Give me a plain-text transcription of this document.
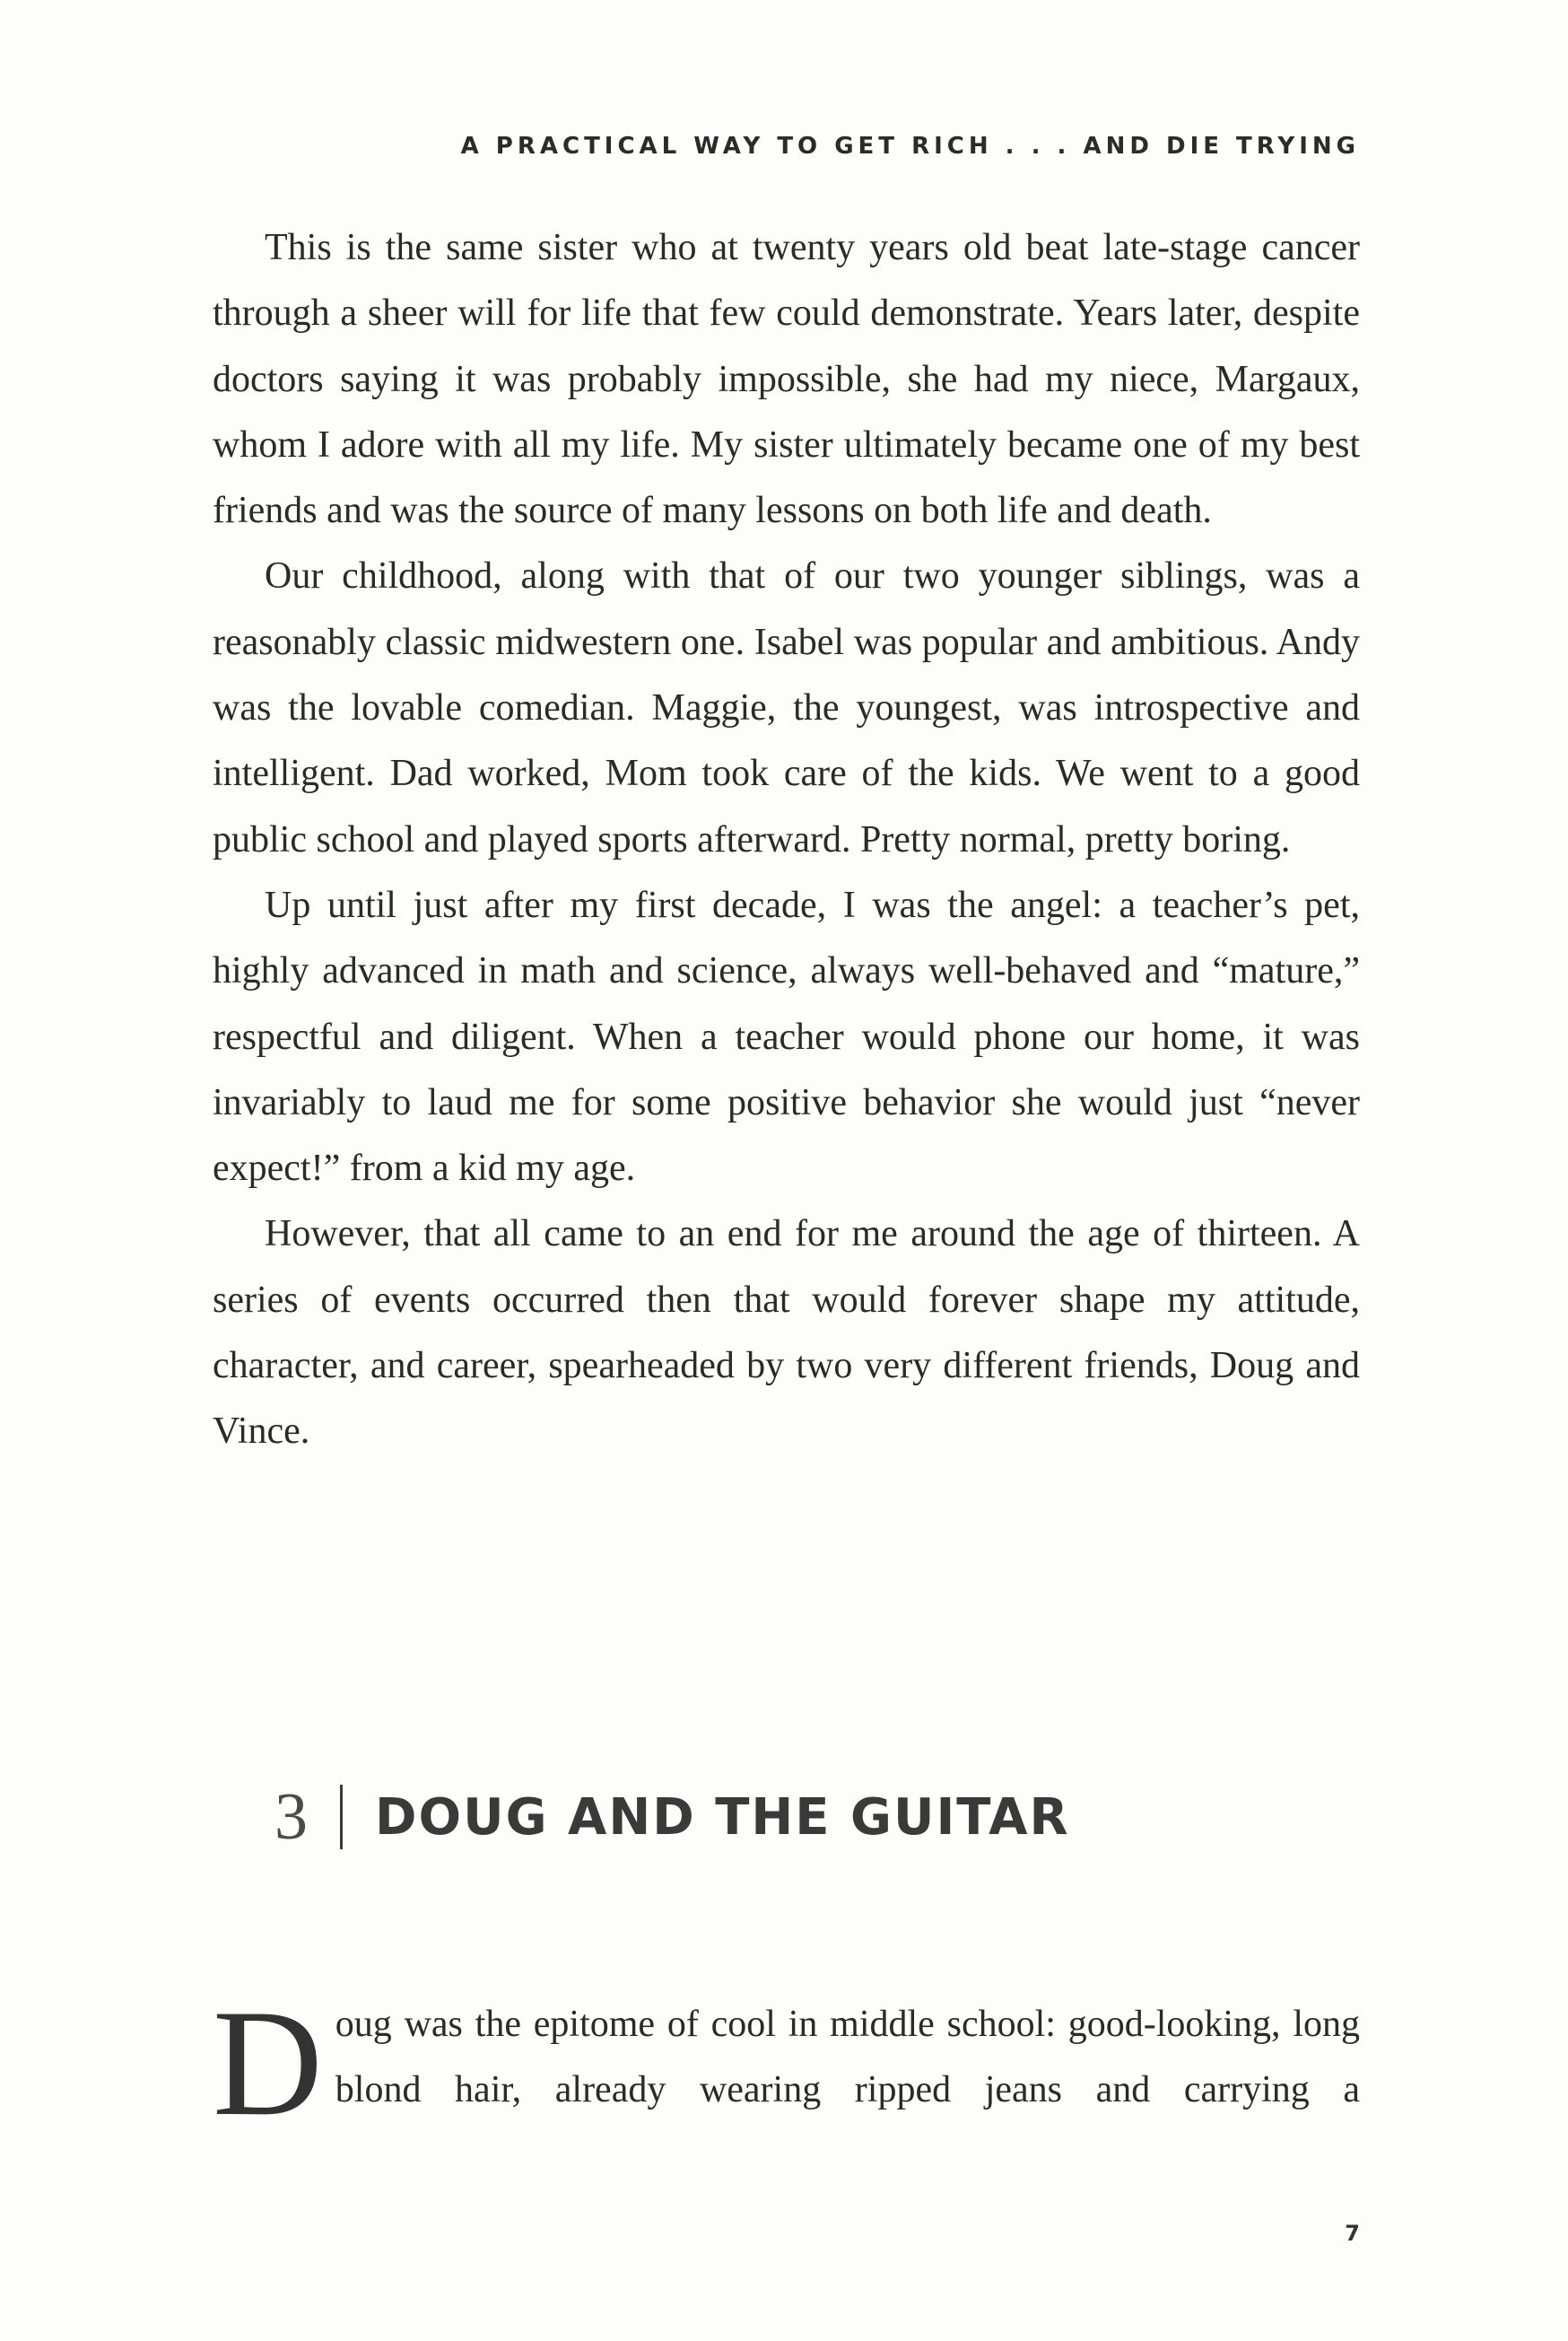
A PRACTICAL WAY TO GET RICH . . . AND DIE TRYING

This is the same sister who at twenty years old beat late-stage cancer through a sheer will for life that few could demonstrate. Years later, despite doctors saying it was probably impossible, she had my niece, Margaux, whom I adore with all my life. My sister ultimately became one of my best friends and was the source of many lessons on both life and death.

Our childhood, along with that of our two younger siblings, was a reasonably classic midwestern one. Isabel was popular and ambitious. Andy was the lovable comedian. Maggie, the youngest, was introspective and intelligent. Dad worked, Mom took care of the kids. We went to a good public school and played sports afterward. Pretty normal, pretty boring.

Up until just after my first decade, I was the angel: a teacher’s pet, highly advanced in math and science, always well-behaved and “mature,” respectful and diligent. When a teacher would phone our home, it was invariably to laud me for some positive behavior she would just “never expect!” from a kid my age.

However, that all came to an end for me around the age of thirteen. A series of events occurred then that would forever shape my attitude, character, and career, spearheaded by two very different friends, Doug and Vince.

3 DOUG AND THE GUITAR
D oug was the epitome of cool in middle school: good-looking, long blond hair, already wearing ripped jeans and carrying a

7
